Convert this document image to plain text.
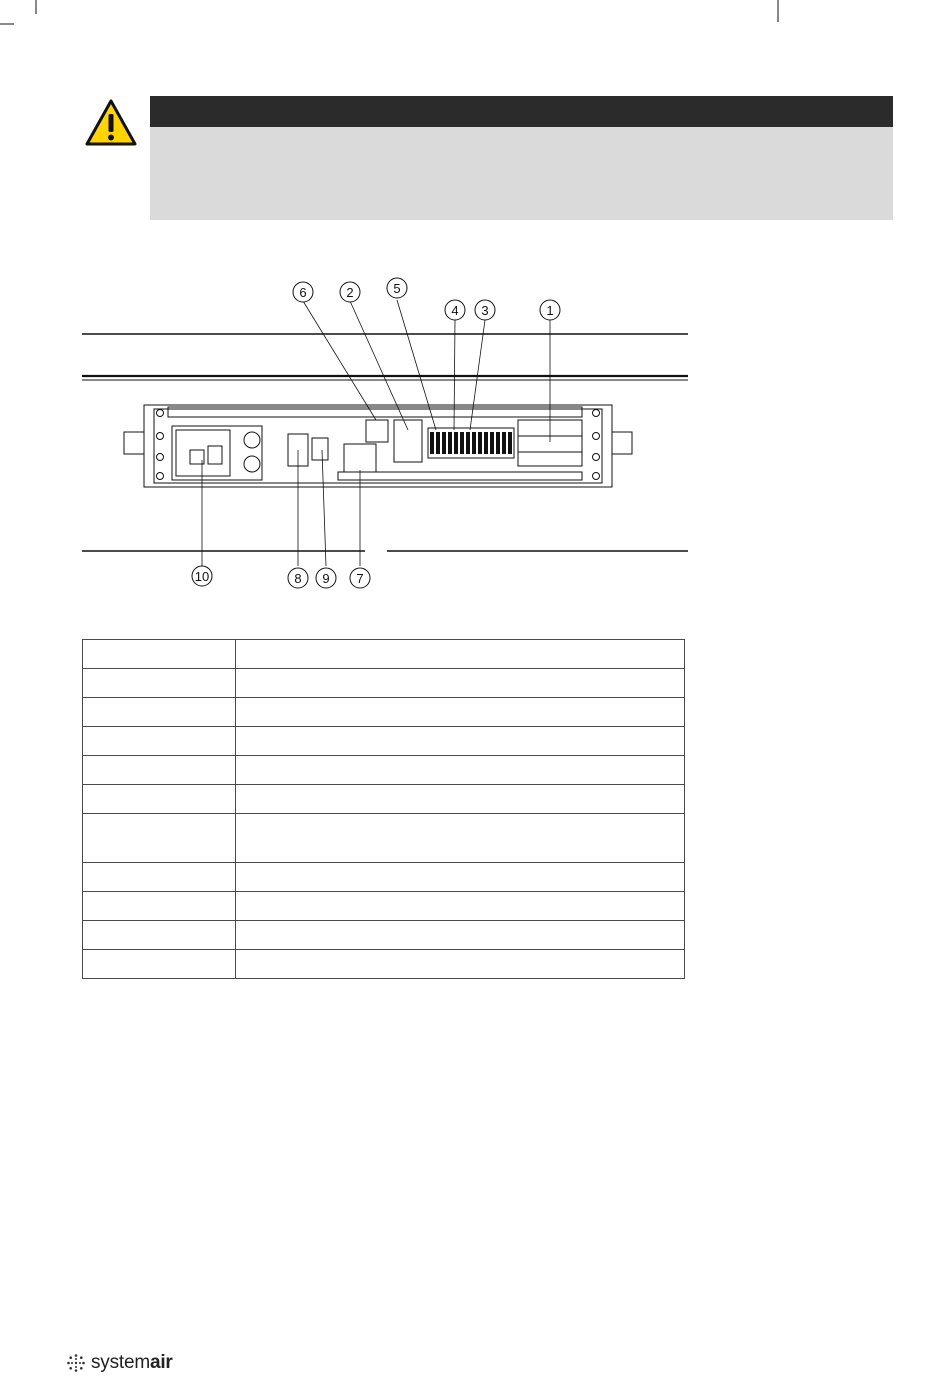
6	2	5
4 3	1
10	8 9 7

systemair
